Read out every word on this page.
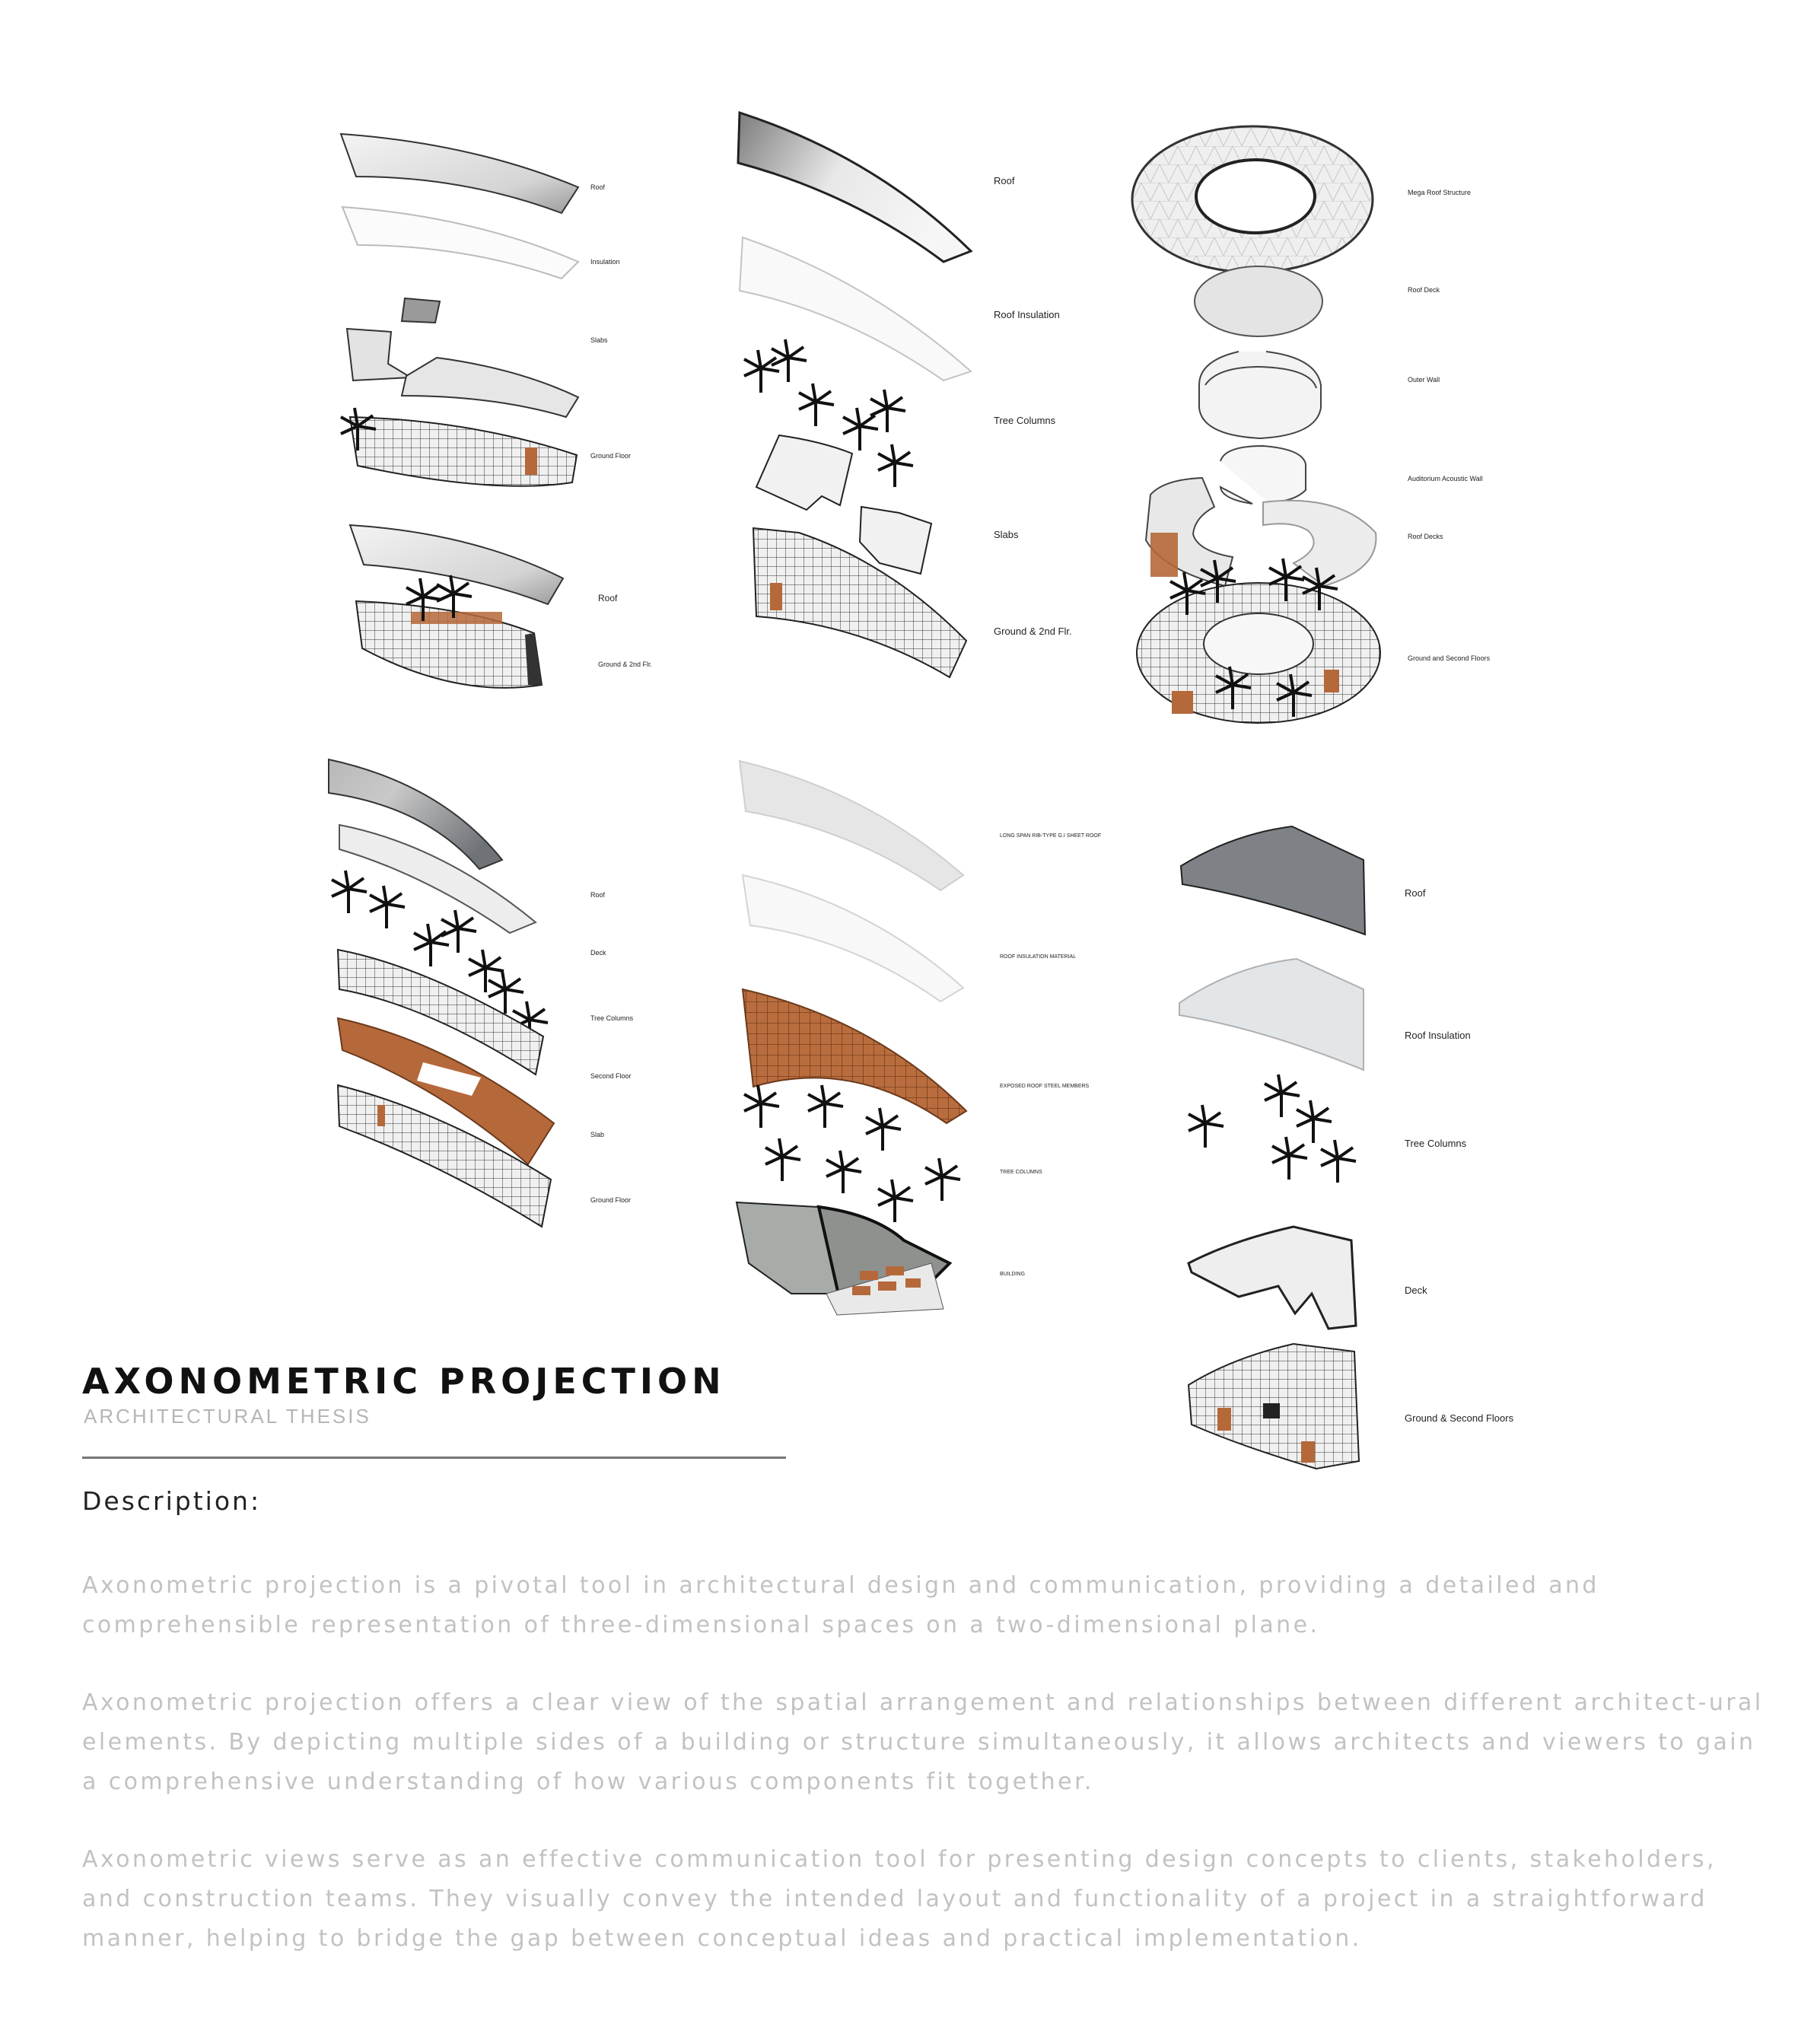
Roof
Insulation
Slabs
Ground Floor
Roof
Ground & 2nd Flr.
Roof
Roof Insulation
Tree Columns
Slabs
Ground & 2nd Flr.
Mega Roof Structure
Roof Deck
Outer Wall
Auditorium Acoustic Wall
Roof Decks
Ground and Second Floors
Roof
Deck
Tree Columns
Second Floor
Slab
Ground Floor
LONG SPAN RIB-TYPE G.I SHEET ROOF
ROOF INSULATION MATERIAL
EXPOSED ROOF STEEL MEMBERS
TREE COLUMNS
BUILDING
Roof
Roof Insulation
Tree Columns
Deck
Ground & Second Floors
AXONOMETRIC PROJECTION
ARCHITECTURAL THESIS
Description:

Axonometric projection is a pivotal tool in architectural design and communication, providing a detailed and comprehensible representation of three-dimensional spaces on a two-dimensional plane.

Axonometric projection offers a clear view of the spatial arrangement and relationships between different architect-ural elements. By depicting multiple sides of a building or structure simultaneously, it allows architects and viewers to gain a comprehensive understanding of how various components fit together.

Axonometric views serve as an effective communication tool for presenting design concepts to clients, stakeholders, and construction teams. They visually convey the intended layout and functionality of a project in a straightforward manner, helping to bridge the gap between conceptual ideas and practical implementation.
